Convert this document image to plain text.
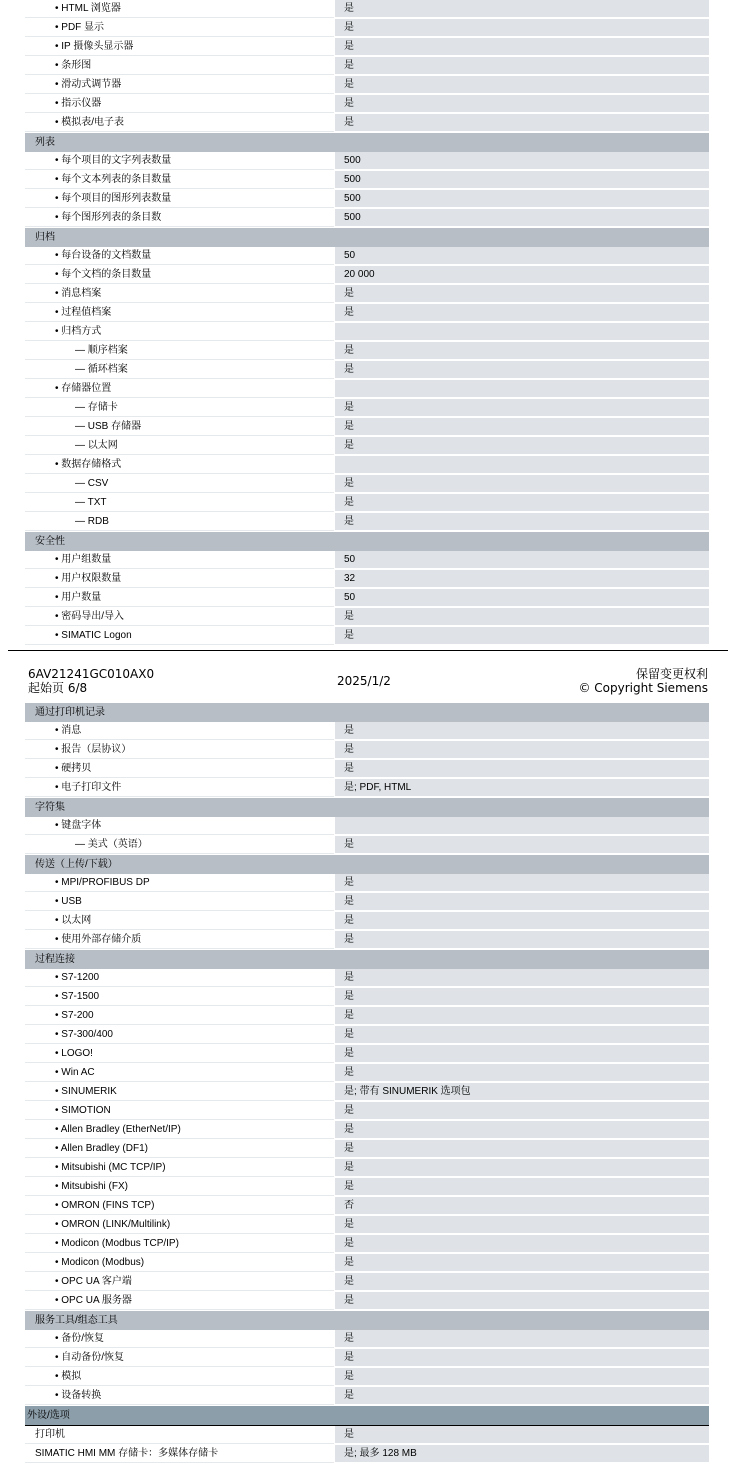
• HTML 浏览器	是
• PDF 显示	是
• IP 摄像头显示器	是
• 条形图	是
• 滑动式调节器	是
• 指示仪器	是
• 模拟表/电子表	是
列表
• 每个项目的文字列表数量	500
• 每个文本列表的条目数量	500
• 每个项目的图形列表数量	500
• 每个图形列表的条目数	500
归档
• 每台设备的文档数量	50
• 每个文档的条目数量	20 000
• 消息档案	是
• 过程值档案	是
• 归档方式
— 顺序档案	是
— 循环档案	是
• 存储器位置
— 存储卡	是
— USB 存储器	是
— 以太网	是
• 数据存储格式
— CSV	是
— TXT	是
— RDB	是
安全性
• 用户组数量	50
• 用户权限数量	32
• 用户数量	50
• 密码导出/导入	是
• SIMATIC Logon	是
6AV21241GC010AX0
起始页 6/8	2025/1/2	保留变更权利
© Copyright Siemens
通过打印机记录
• 消息	是
• 报告（层协议）	是
• 硬拷贝	是
• 电子打印文件	是; PDF, HTML
字符集
• 键盘字体
— 美式（英语）	是
传送（上传/下载）
• MPI/PROFIBUS DP	是
• USB	是
• 以太网	是
• 使用外部存储介质	是
过程连接
• S7-1200	是
• S7-1500	是
• S7-200	是
• S7-300/400	是
• LOGO!	是
• Win AC	是
• SINUMERIK	是; 带有 SINUMERIK 选项包
• SIMOTION	是
• Allen Bradley (EtherNet/IP)	是
• Allen Bradley (DF1)	是
• Mitsubishi (MC TCP/IP)	是
• Mitsubishi (FX)	是
• OMRON (FINS TCP)	否
• OMRON (LINK/Multilink)	是
• Modicon (Modbus TCP/IP)	是
• Modicon (Modbus)	是
• OPC UA 客户端	是
• OPC UA 服务器	是
服务工具/组态工具
• 备份/恢复	是
• 自动备份/恢复	是
• 模拟	是
• 设备转换	是
外设/选项
打印机	是
SIMATIC HMI MM 存储卡：多媒体存储卡	是; 最多 128 MB
